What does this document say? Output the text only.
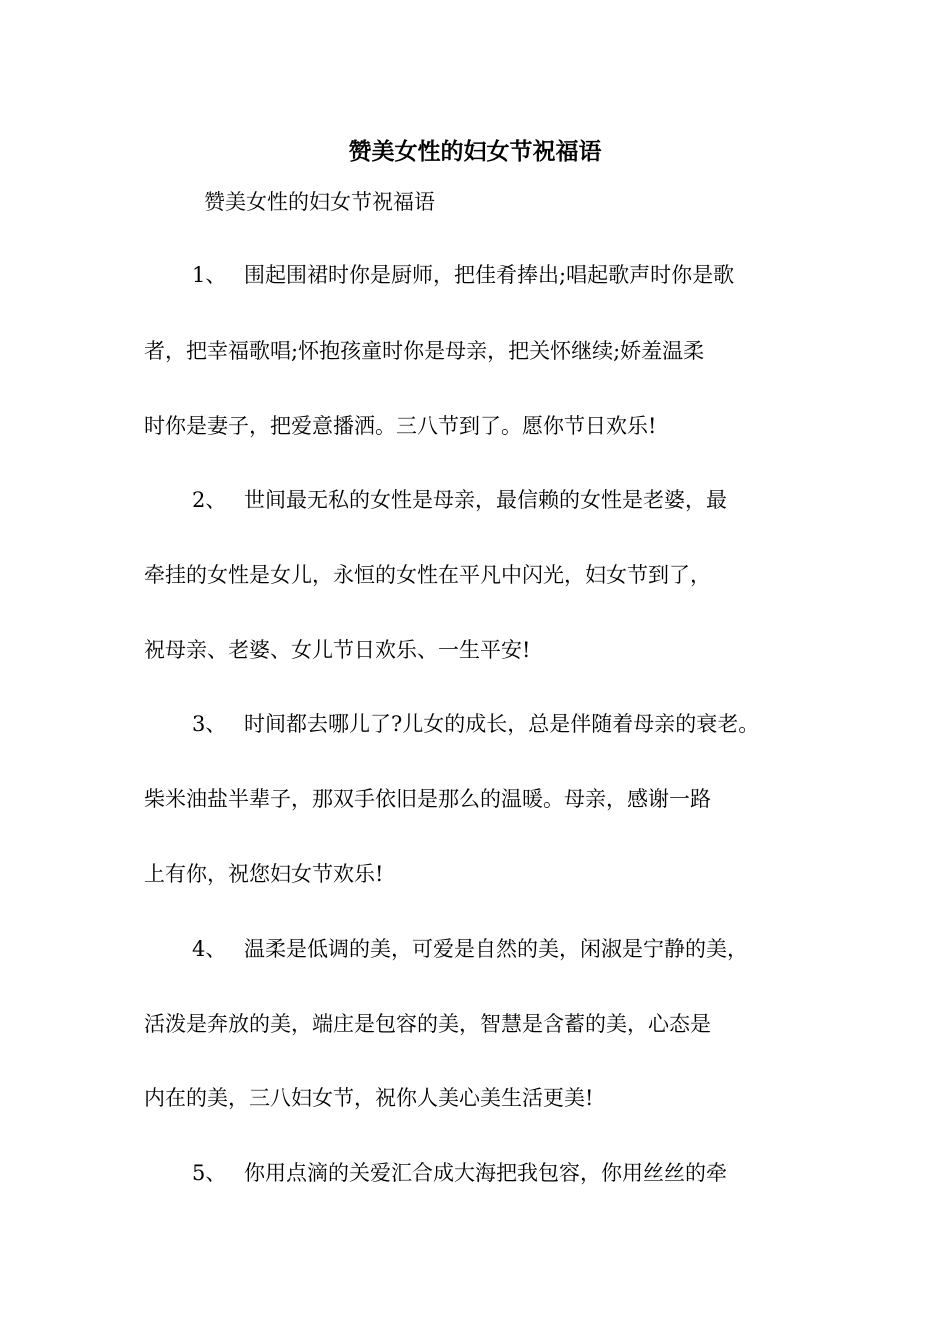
赞美女性的妇女节祝福语
赞美女性的妇女节祝福语
1、 围起围裙时你是厨师，把佳肴捧出;唱起歌声时你是歌
者，把幸福歌唱;怀抱孩童时你是母亲，把关怀继续;娇羞温柔
时你是妻子，把爱意播洒。三八节到了。愿你节日欢乐!
2、 世间最无私的女性是母亲，最信赖的女性是老婆，最
牵挂的女性是女儿，永恒的女性在平凡中闪光，妇女节到了，
祝母亲、老婆、女儿节日欢乐、一生平安!
3、 时间都去哪儿了?儿女的成长，总是伴随着母亲的衰老。
柴米油盐半辈子，那双手依旧是那么的温暖。母亲，感谢一路
上有你，祝您妇女节欢乐!
4、 温柔是低调的美，可爱是自然的美，闲淑是宁静的美，
活泼是奔放的美，端庄是包容的美，智慧是含蓄的美，心态是
内在的美，三八妇女节，祝你人美心美生活更美!
5、 你用点滴的关爱汇合成大海把我包容，你用丝丝的牵
